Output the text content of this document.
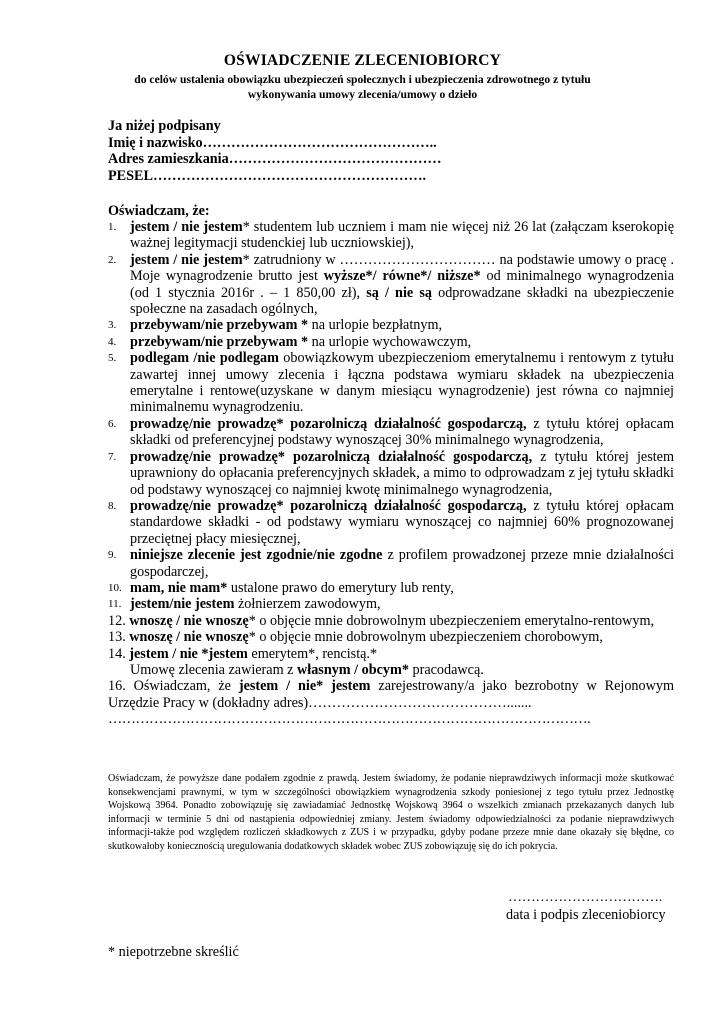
OŚWIADCZENIE ZLECENIOBIORCY
do celów ustalenia obowiązku ubezpieczeń społecznych i ubezpieczenia zdrowotnego z tytułu
wykonywania umowy zlecenia/umowy o dzieło
Ja niżej podpisany
Imię i nazwisko…………………………………………..
Adres zamieszkania………………………………………
PESEL………………………………………………….
Oświadczam, że:
1. jestem / nie jestem* studentem lub uczniem i mam nie więcej niż 26 lat (załączam kserokopię ważnej legitymacji studenckiej lub uczniowskiej),
2. jestem / nie jestem* zatrudniony w …………………………… na podstawie umowy o pracę . Moje wynagrodzenie brutto jest wyższe*/ równe*/ niższe* od minimalnego wynagrodzenia (od 1 stycznia 2016r . – 1 850,00 zł), są / nie są odprowadzane składki na ubezpieczenie społeczne na zasadach ogólnych,
3. przebywam/nie przebywam * na urlopie bezpłatnym,
4. przebywam/nie przebywam * na urlopie wychowawczym,
5. podlegam /nie podlegam obowiązkowym ubezpieczeniom emerytalnemu i rentowym z tytułu zawartej innej umowy zlecenia i łączna podstawa wymiaru składek na ubezpieczenia emerytalne i rentowe(uzyskane w danym miesiącu wynagrodzenie) jest równa co najmniej minimalnemu wynagrodzeniu.
6. prowadzę/nie prowadzę* pozarolniczą działalność gospodarczą, z tytułu której opłacam składki od preferencyjnej podstawy wynoszącej 30% minimalnego wynagrodzenia,
7. prowadzę/nie prowadzę* pozarolniczą działalność gospodarczą, z tytułu której jestem uprawniony do opłacania preferencyjnych składek, a mimo to odprowadzam z jej tytułu składki od podstawy wynoszącej co najmniej kwotę minimalnego wynagrodzenia,
8. prowadzę/nie prowadzę* pozarolniczą działalność gospodarczą, z tytułu której opłacam standardowe składki - od podstawy wymiaru wynoszącej co najmniej 60% prognozowanej przeciętnej płacy miesięcznej,
9. niniejsze zlecenie jest zgodnie/nie zgodne z profilem prowadzonej przeze mnie działalności gospodarczej,
10. mam, nie mam* ustalone prawo do emerytury lub renty,
11. jestem/nie jestem żołnierzem zawodowym,
12. wnoszę / nie wnoszę* o objęcie mnie dobrowolnym ubezpieczeniem emerytalno-rentowym,
13. wnoszę / nie wnoszę* o objęcie mnie dobrowolnym ubezpieczeniem chorobowym,
14. jestem / nie *jestem emerytem*, rencistą.*
Umowę zlecenia zawieram z własnym / obcym* pracodawcą.
16. Oświadczam, że jestem / nie* jestem zarejestrowany/a jako bezrobotny w Rejonowym Urzędzie Pracy w (dokładny adres)…………………………………….......
…………………………………………………………………………………………….
Oświadczam, że powyższe dane podałem zgodnie z prawdą. Jestem świadomy, że podanie nieprawdziwych informacji może skutkować konsekwencjami prawnymi, w tym w szczególności obowiązkiem wynagrodzenia szkody poniesionej z tego tytułu przez Jednostkę Wojskową 3964. Ponadto zobowiązuję się zawiadamiać Jednostkę Wojskową 3964 o wszelkich zmianach przekazanych danych lub informacji w terminie 5 dni od nastąpienia odpowiedniej zmiany. Jestem świadomy odpowiedzialności za podanie nieprawdziwych informacji-także pod względem rozliczeń składkowych z ZUS i w przypadku, gdyby podane przeze mnie dane okazały się błędne, co skutkowałoby koniecznością uregulowania dodatkowych składek wobec ZUS zobowiązuję się do ich pokrycia.
…………………………….
data i podpis zleceniobiorcy
* niepotrzebne skreślić
